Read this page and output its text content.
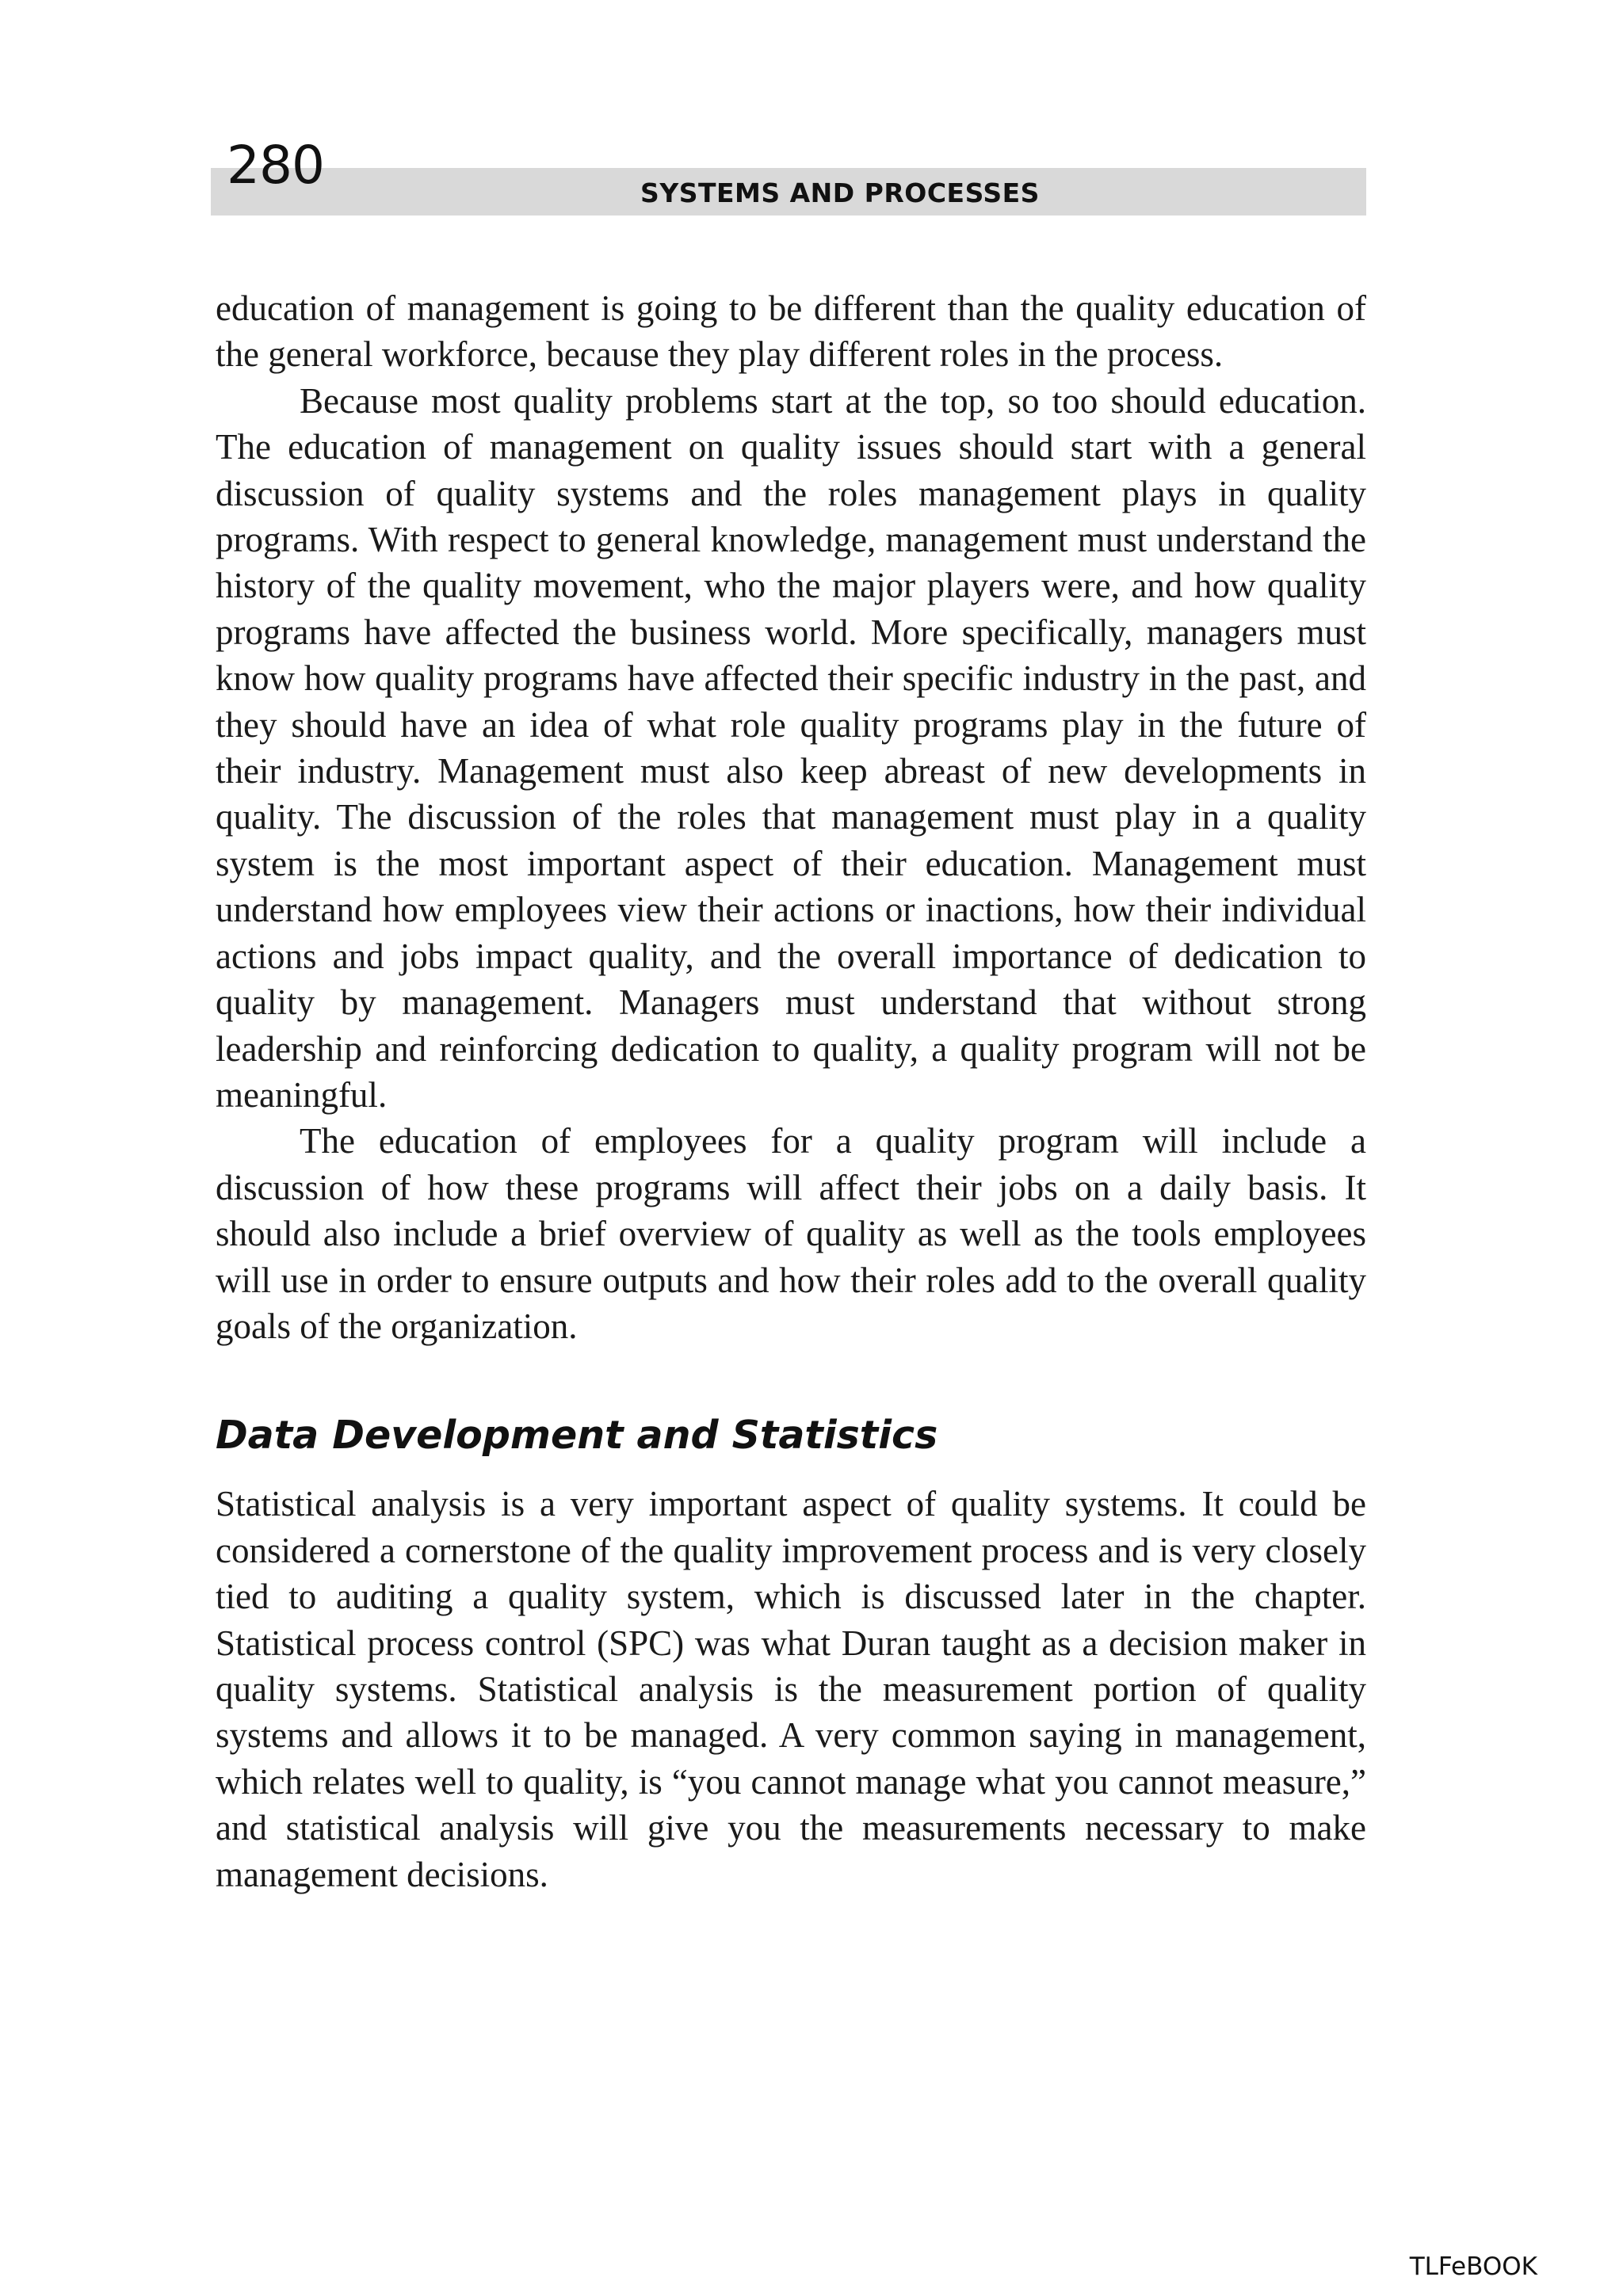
280	SYSTEMS AND PROCESSES

education of management is going to be different than the quality education of the general workforce, because they play different roles in the process.

Because most quality problems start at the top, so too should education. The education of management on quality issues should start with a general discussion of quality systems and the roles management plays in quality programs. With respect to general knowledge, management must understand the history of the quality movement, who the major players were, and how quality programs have affected the business world. More specifically, managers must know how quality programs have affected their specific industry in the past, and they should have an idea of what role quality programs play in the future of their industry. Management must also keep abreast of new developments in quality. The discussion of the roles that management must play in a quality system is the most important aspect of their education. Management must understand how employees view their actions or inactions, how their individual actions and jobs impact quality, and the overall importance of dedication to quality by management. Managers must understand that without strong leadership and reinforcing dedication to quality, a quality program will not be meaningful.

The education of employees for a quality program will include a discussion of how these programs will affect their jobs on a daily basis. It should also include a brief overview of quality as well as the tools employees will use in order to ensure outputs and how their roles add to the overall quality goals of the organization.

Data Development and Statistics

Statistical analysis is a very important aspect of quality systems. It could be considered a cornerstone of the quality improvement process and is very closely tied to auditing a quality system, which is discussed later in the chapter. Statistical process control (SPC) was what Duran taught as a decision maker in quality systems. Statistical analysis is the measurement portion of quality systems and allows it to be managed. A very common saying in management, which relates well to quality, is “you cannot manage what you cannot measure,” and statistical analysis will give you the measurements necessary to make management decisions.

TLFeBOOK
